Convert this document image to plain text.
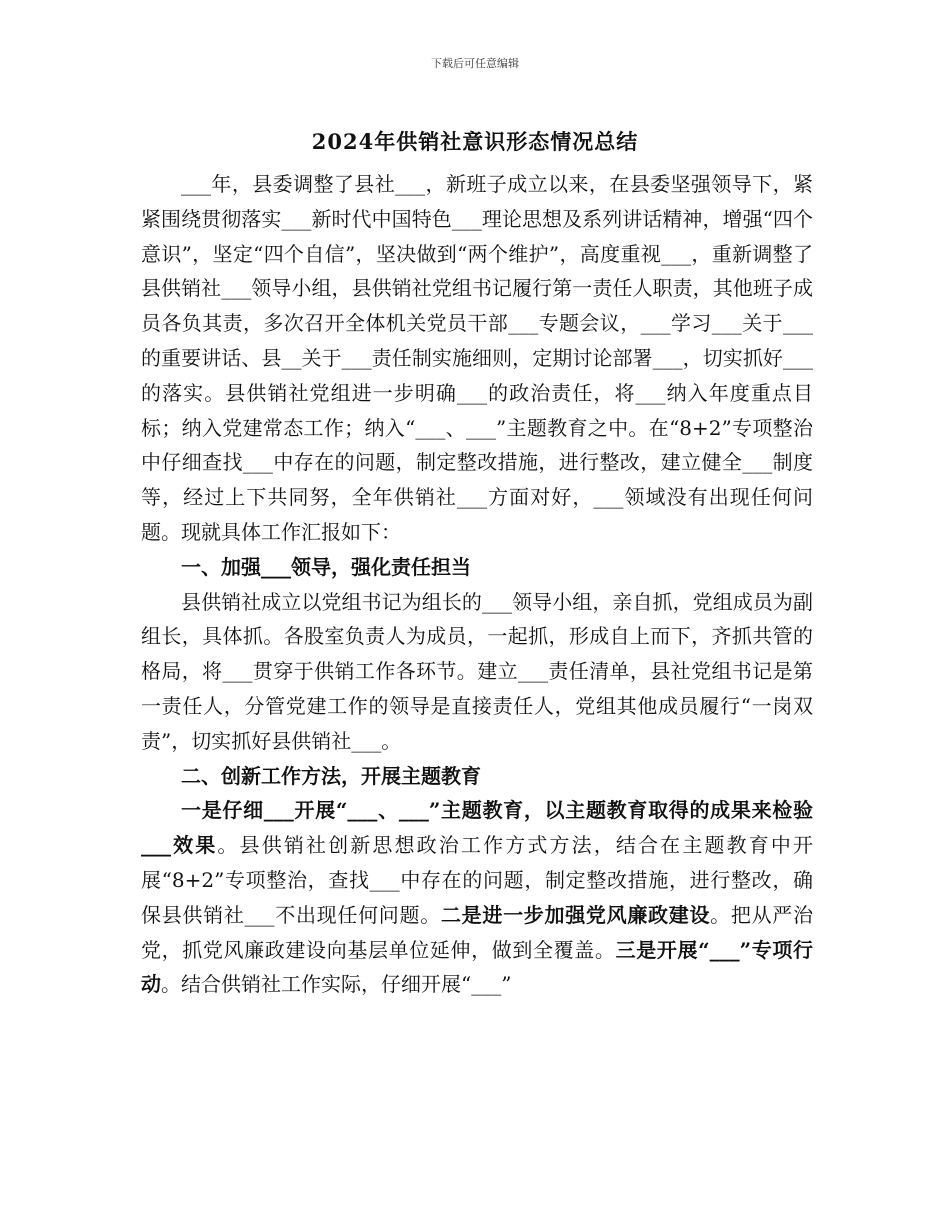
下载后可任意编辑
2024年供销社意识形态情况总结

___年，县委调整了县社___，新班子成立以来，在县委坚强领导下，紧紧围绕贯彻落实___新时代中国特色___理论思想及系列讲话精神，增强“四个意识”，坚定“四个自信”，坚决做到“两个维护”，高度重视___，重新调整了县供销社___领导小组，县供销社党组书记履行第一责任人职责，其他班子成员各负其责，多次召开全体机关党员干部___专题会议，___学习___关于___的重要讲话、县__关于___责任制实施细则，定期讨论部署___，切实抓好___的落实。县供销社党组进一步明确___的政治责任，将___纳入年度重点目标；纳入党建常态工作；纳入“___、___”主题教育之中。在“8+2”专项整治中仔细查找___中存在的问题，制定整改措施，进行整改，建立健全___制度等，经过上下共同努，全年供销社___方面对好，___领域没有出现任何问题。现就具体工作汇报如下：

一、加强___领导，强化责任担当

县供销社成立以党组书记为组长的___领导小组，亲自抓，党组成员为副组长，具体抓。各股室负责人为成员，一起抓，形成自上而下，齐抓共管的格局，将___贯穿于供销工作各环节。建立___责任清单，县社党组书记是第一责任人，分管党建工作的领导是直接责任人，党组其他成员履行“一岗双责”，切实抓好县供销社___。

二、创新工作方法，开展主题教育

一是仔细___开展“___、___”主题教育，以主题教育取得的成果来检验___效果。县供销社创新思想政治工作方式方法，结合在主题教育中开展“8+2”专项整治，查找___中存在的问题，制定整改措施，进行整改，确保县供销社___不出现任何问题。二是进一步加强党风廉政建设。把从严治党，抓党风廉政建设向基层单位延伸，做到全覆盖。三是开展“___”专项行动。结合供销社工作实际，仔细开展“___”
